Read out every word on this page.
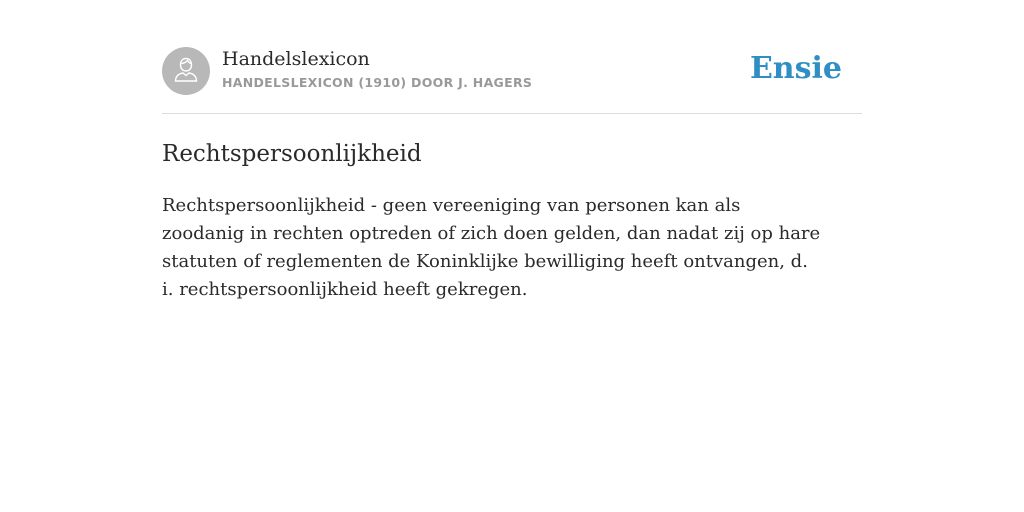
Handelslexicon
HANDELSLEXICON (1910) DOOR J. HAGERS	Ensie
Rechtspersoonlijkheid

Rechtspersoonlijkheid - geen vereeniging van personen kan als zoodanig in rechten optreden of zich doen gelden, dan nadat zij op hare statuten of reglementen de Koninklijke bewilliging heeft ontvangen, d. i. rechtspersoonlijkheid heeft gekregen.
